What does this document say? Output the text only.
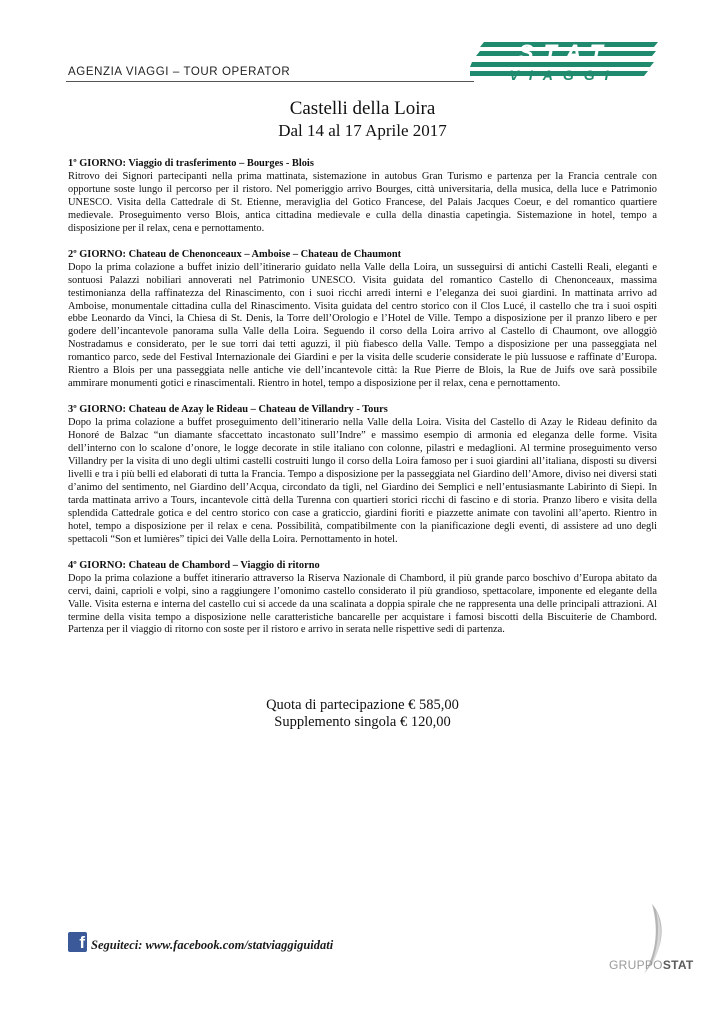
AGENZIA VIAGGI – TOUR OPERATOR
STAT
VIAGGI
Castelli della Loira
Dal 14 al 17 Aprile 2017
1º GIORNO: Viaggio di trasferimento – Bourges - Blois
Ritrovo dei Signori partecipanti nella prima mattinata, sistemazione in autobus Gran Turismo e partenza per la Francia centrale con opportune soste lungo il percorso per il ristoro. Nel pomeriggio arrivo Bourges, città universitaria, della musica, della luce e Patrimonio UNESCO. Visita della Cattedrale di St. Etienne, meraviglia del Gotico Francese, del Palais Jacques Coeur, e del romantico quartiere medievale. Proseguimento verso Blois, antica cittadina medievale e culla della dinastia capetingia. Sistemazione in hotel, tempo a disposizione per il relax, cena e pernottamento.
2º GIORNO: Chateau de Chenonceaux – Amboise – Chateau de Chaumont
Dopo la prima colazione a buffet inizio dell’itinerario guidato nella Valle della Loira, un susseguirsi di antichi Castelli Reali, eleganti e sontuosi Palazzi nobiliari annoverati nel Patrimonio UNESCO. Visita guidata del romantico Castello di Chenonceaux, massima testimonianza della raffinatezza del Rinascimento, con i suoi ricchi arredi interni e l’eleganza dei suoi giardini. In mattinata arrivo ad Amboise, monumentale cittadina culla del Rinascimento. Visita guidata del centro storico con il Clos Lucé, il castello che tra i suoi ospiti ebbe Leonardo da Vinci, la Chiesa di St. Denis, la Torre dell’Orologio e l’Hotel de Ville. Tempo a disposizione per il pranzo libero e per godere dell’incantevole panorama sulla Valle della Loira. Seguendo il corso della Loira arrivo al Castello di Chaumont, ove alloggiò Nostradamus e considerato, per le sue torri dai tetti aguzzi, il più fiabesco della Valle. Tempo a disposizione per una passeggiata nel romantico parco, sede del Festival Internazionale dei Giardini e per la visita delle scuderie considerate le più lussuose e raffinate d’Europa. Rientro a Blois per una passeggiata nelle antiche vie dell’incantevole città: la Rue Pierre de Blois, la Rue de Juifs ove sarà possibile ammirare monumenti gotici e rinascimentali. Rientro in hotel, tempo a disposizione per il relax, cena e pernottamento.
3º GIORNO: Chateau de Azay le Rideau – Chateau de Villandry - Tours
Dopo la prima colazione a buffet proseguimento dell’itinerario nella Valle della Loira. Visita del Castello di Azay le Rideau definito da Honoré de Balzac “un diamante sfaccettato incastonato sull’Indre” e massimo esempio di armonia ed eleganza delle forme. Visita dell’interno con lo scalone d’onore, le logge decorate in stile italiano con colonne, pilastri e medaglioni. Al termine proseguimento verso Villandry per la visita di uno degli ultimi castelli costruiti lungo il corso della Loira famoso per i suoi giardini all’italiana, disposti su diversi livelli e tra i più belli ed elaborati di tutta la Francia. Tempo a disposizione per la passeggiata nel Giardino dell’Amore, diviso nei diversi stati d’animo del sentimento, nel Giardino dell’Acqua, circondato da tigli, nel Giardino dei Semplici e nell’entusiasmante Labirinto di Siepi. In tarda mattinata arrivo a Tours, incantevole città della Turenna con quartieri storici ricchi di fascino e di storia. Pranzo libero e visita della splendida Cattedrale gotica e del centro storico con case a graticcio, giardini fioriti e piazzette animate con tavolini all’aperto. Rientro in hotel, tempo a disposizione per il relax e cena. Possibilità, compatibilmente con la pianificazione degli eventi, di assistere ad uno degli spettacoli “Son et lumières” tipici dei Valle della Loira. Pernottamento in hotel.
4º GIORNO: Chateau de Chambord – Viaggio di ritorno
Dopo la prima colazione a buffet itinerario attraverso la Riserva Nazionale di Chambord, il più grande parco boschivo d’Europa abitato da cervi, daini, caprioli e volpi, sino a raggiungere l’omonimo castello considerato il più grandioso, spettacolare, imponente ed elegante della Valle. Visita esterna e interna del castello cui si accede da una scalinata a doppia spirale che ne rappresenta una delle principali attrazioni. Al termine della visita tempo a disposizione nelle caratteristiche bancarelle per acquistare i famosi biscotti della Biscuiterie de Chambord. Partenza per il viaggio di ritorno con soste per il ristoro e arrivo in serata nelle rispettive sedi di partenza.
Quota di partecipazione € 585,00
Supplemento singola € 120,00
f Seguiteci: www.facebook.com/statviaggiguidati
GRUPPOSTAT
